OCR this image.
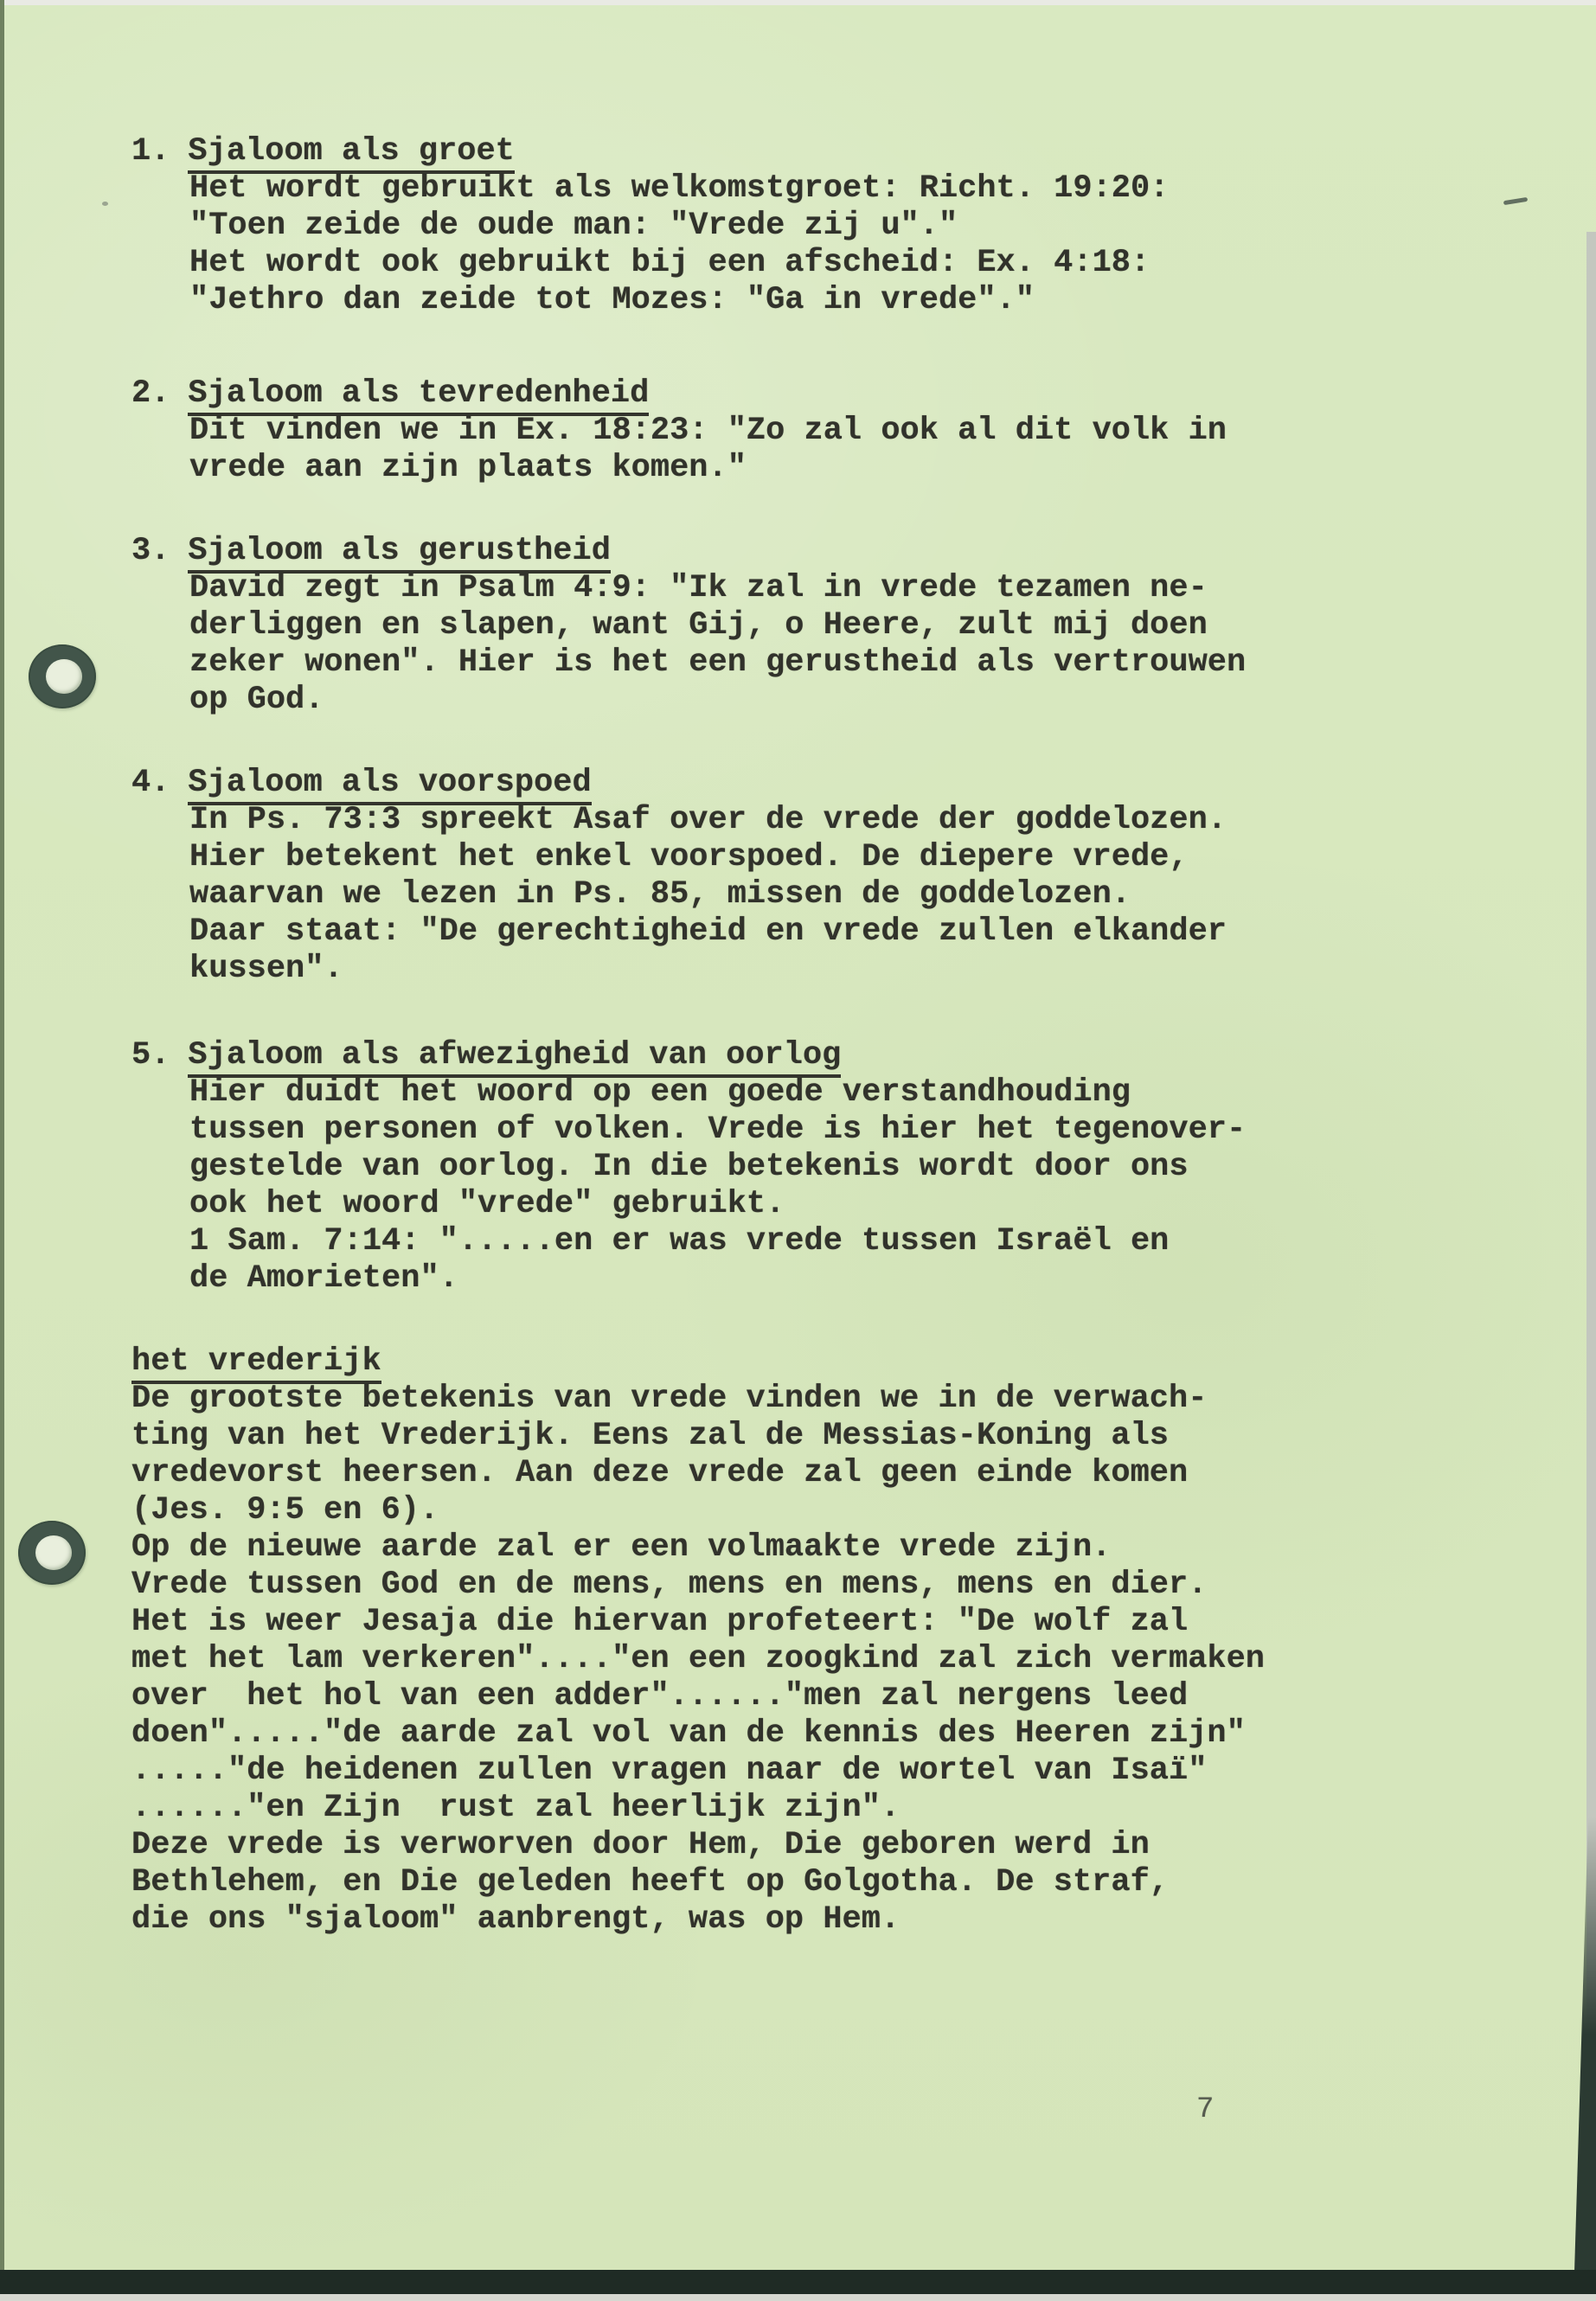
7
1. Sjaloom als groet
Het wordt gebruikt als welkomstgroet: Richt. 19:20:
"Toen zeide de oude man: "Vrede zij u"."
Het wordt ook gebruikt bij een afscheid: Ex. 4:18:
"Jethro dan zeide tot Mozes: "Ga in vrede"."
2. Sjaloom als tevredenheid
Dit vinden we in Ex. 18:23: "Zo zal ook al dit volk in
vrede aan zijn plaats komen."
3. Sjaloom als gerustheid
David zegt in Psalm 4:9: "Ik zal in vrede tezamen ne-
derliggen en slapen, want Gij, o Heere, zult mij doen
zeker wonen". Hier is het een gerustheid als vertrouwen
op God.
4. Sjaloom als voorspoed
In Ps. 73:3 spreekt Asaf over de vrede der goddelozen.
Hier betekent het enkel voorspoed. De diepere vrede,
waarvan we lezen in Ps. 85, missen de goddelozen.
Daar staat: "De gerechtigheid en vrede zullen elkander
kussen".
5. Sjaloom als afwezigheid van oorlog
Hier duidt het woord op een goede verstandhouding
tussen personen of volken. Vrede is hier het tegenover-
gestelde van oorlog. In die betekenis wordt door ons
ook het woord "vrede" gebruikt.
1 Sam. 7:14: ".....en er was vrede tussen Israël en
de Amorieten".
het vrederijk
De grootste betekenis van vrede vinden we in de verwach-
ting van het Vrederijk. Eens zal de Messias-Koning als
vredevorst heersen. Aan deze vrede zal geen einde komen
(Jes. 9:5 en 6).
Op de nieuwe aarde zal er een volmaakte vrede zijn.
Vrede tussen God en de mens, mens en mens, mens en dier.
Het is weer Jesaja die hiervan profeteert: "De wolf zal
met het lam verkeren"...."en een zoogkind zal zich vermaken
over  het hol van een adder"......"men zal nergens leed
doen"....."de aarde zal vol van de kennis des Heeren zijn"
....."de heidenen zullen vragen naar de wortel van Isaï"
......"en Zijn  rust zal heerlijk zijn".
Deze vrede is verworven door Hem, Die geboren werd in
Bethlehem, en Die geleden heeft op Golgotha. De straf,
die ons "sjaloom" aanbrengt, was op Hem.
